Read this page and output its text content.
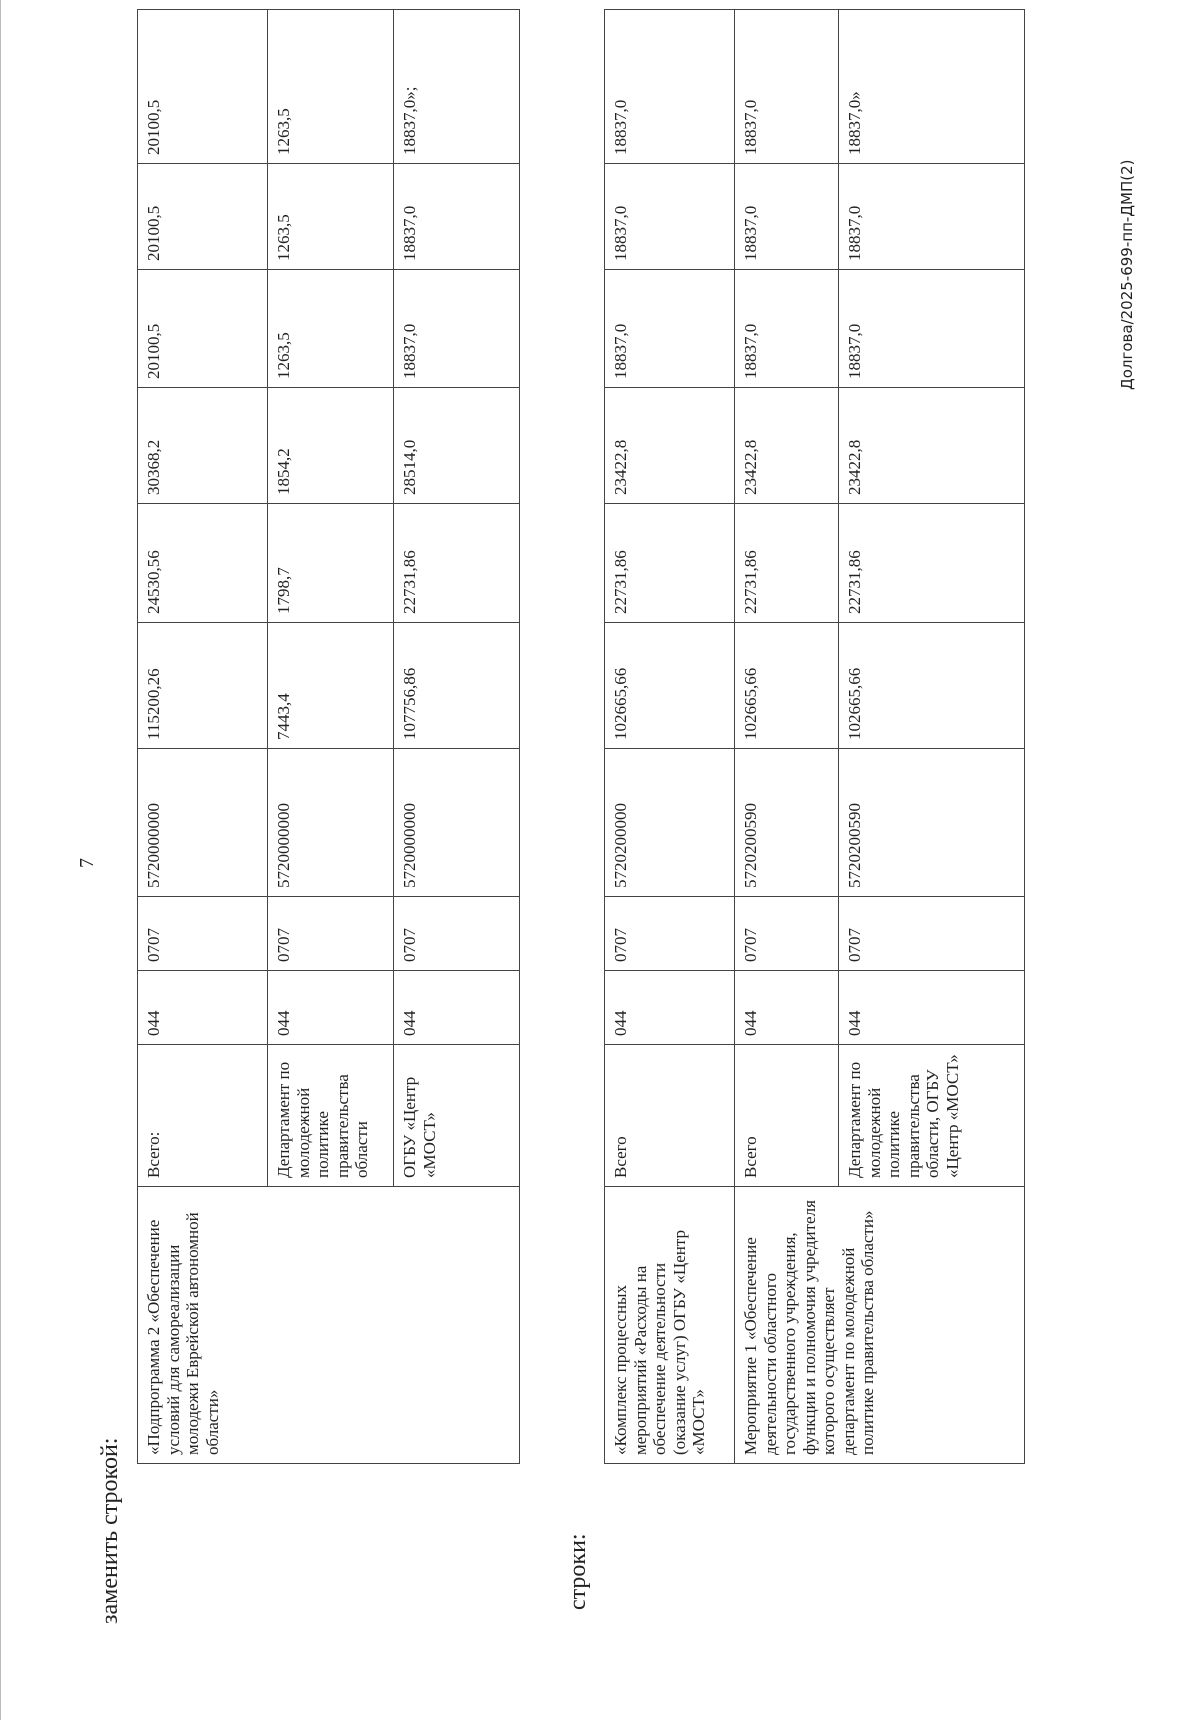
7
заменить строкой:
«Подпрограмма 2 «Обеспечение условий для самореализации молодежи Еврейской автономной области»	Всего:	044	0707	5720000000	115200,26	24530,56	30368,2	20100,5	20100,5	20100,5
	Департамент по молодежной политике правительства области	044	0707	5720000000	7443,4	1798,7	1854,2	1263,5	1263,5	1263,5
	ОГБУ «Центр «МОСТ»	044	0707	5720000000	107756,86	22731,86	28514,0	18837,0	18837,0	18837,0»;
строки:
«Комплекс процессных мероприятий «Расходы на обеспечение деятельности (оказание услуг) ОГБУ «Центр «МОСТ»	Всего	044	0707	5720200000	102665,66	22731,86	23422,8	18837,0	18837,0	18837,0
Мероприятие 1 «Обеспечение деятельности областного государственного учреждения, функции и полномочия учредителя которого осуществляет департамент по молодежной политике правительства области»	Всего	044	0707	5720200590	102665,66	22731,86	23422,8	18837,0	18837,0	18837,0
	Департамент по молодежной политике правительства области, ОГБУ «Центр «МОСТ»	044	0707	5720200590	102665,66	22731,86	23422,8	18837,0	18837,0	18837,0»
Долгова/2025-699-пп-ДМП(2)
